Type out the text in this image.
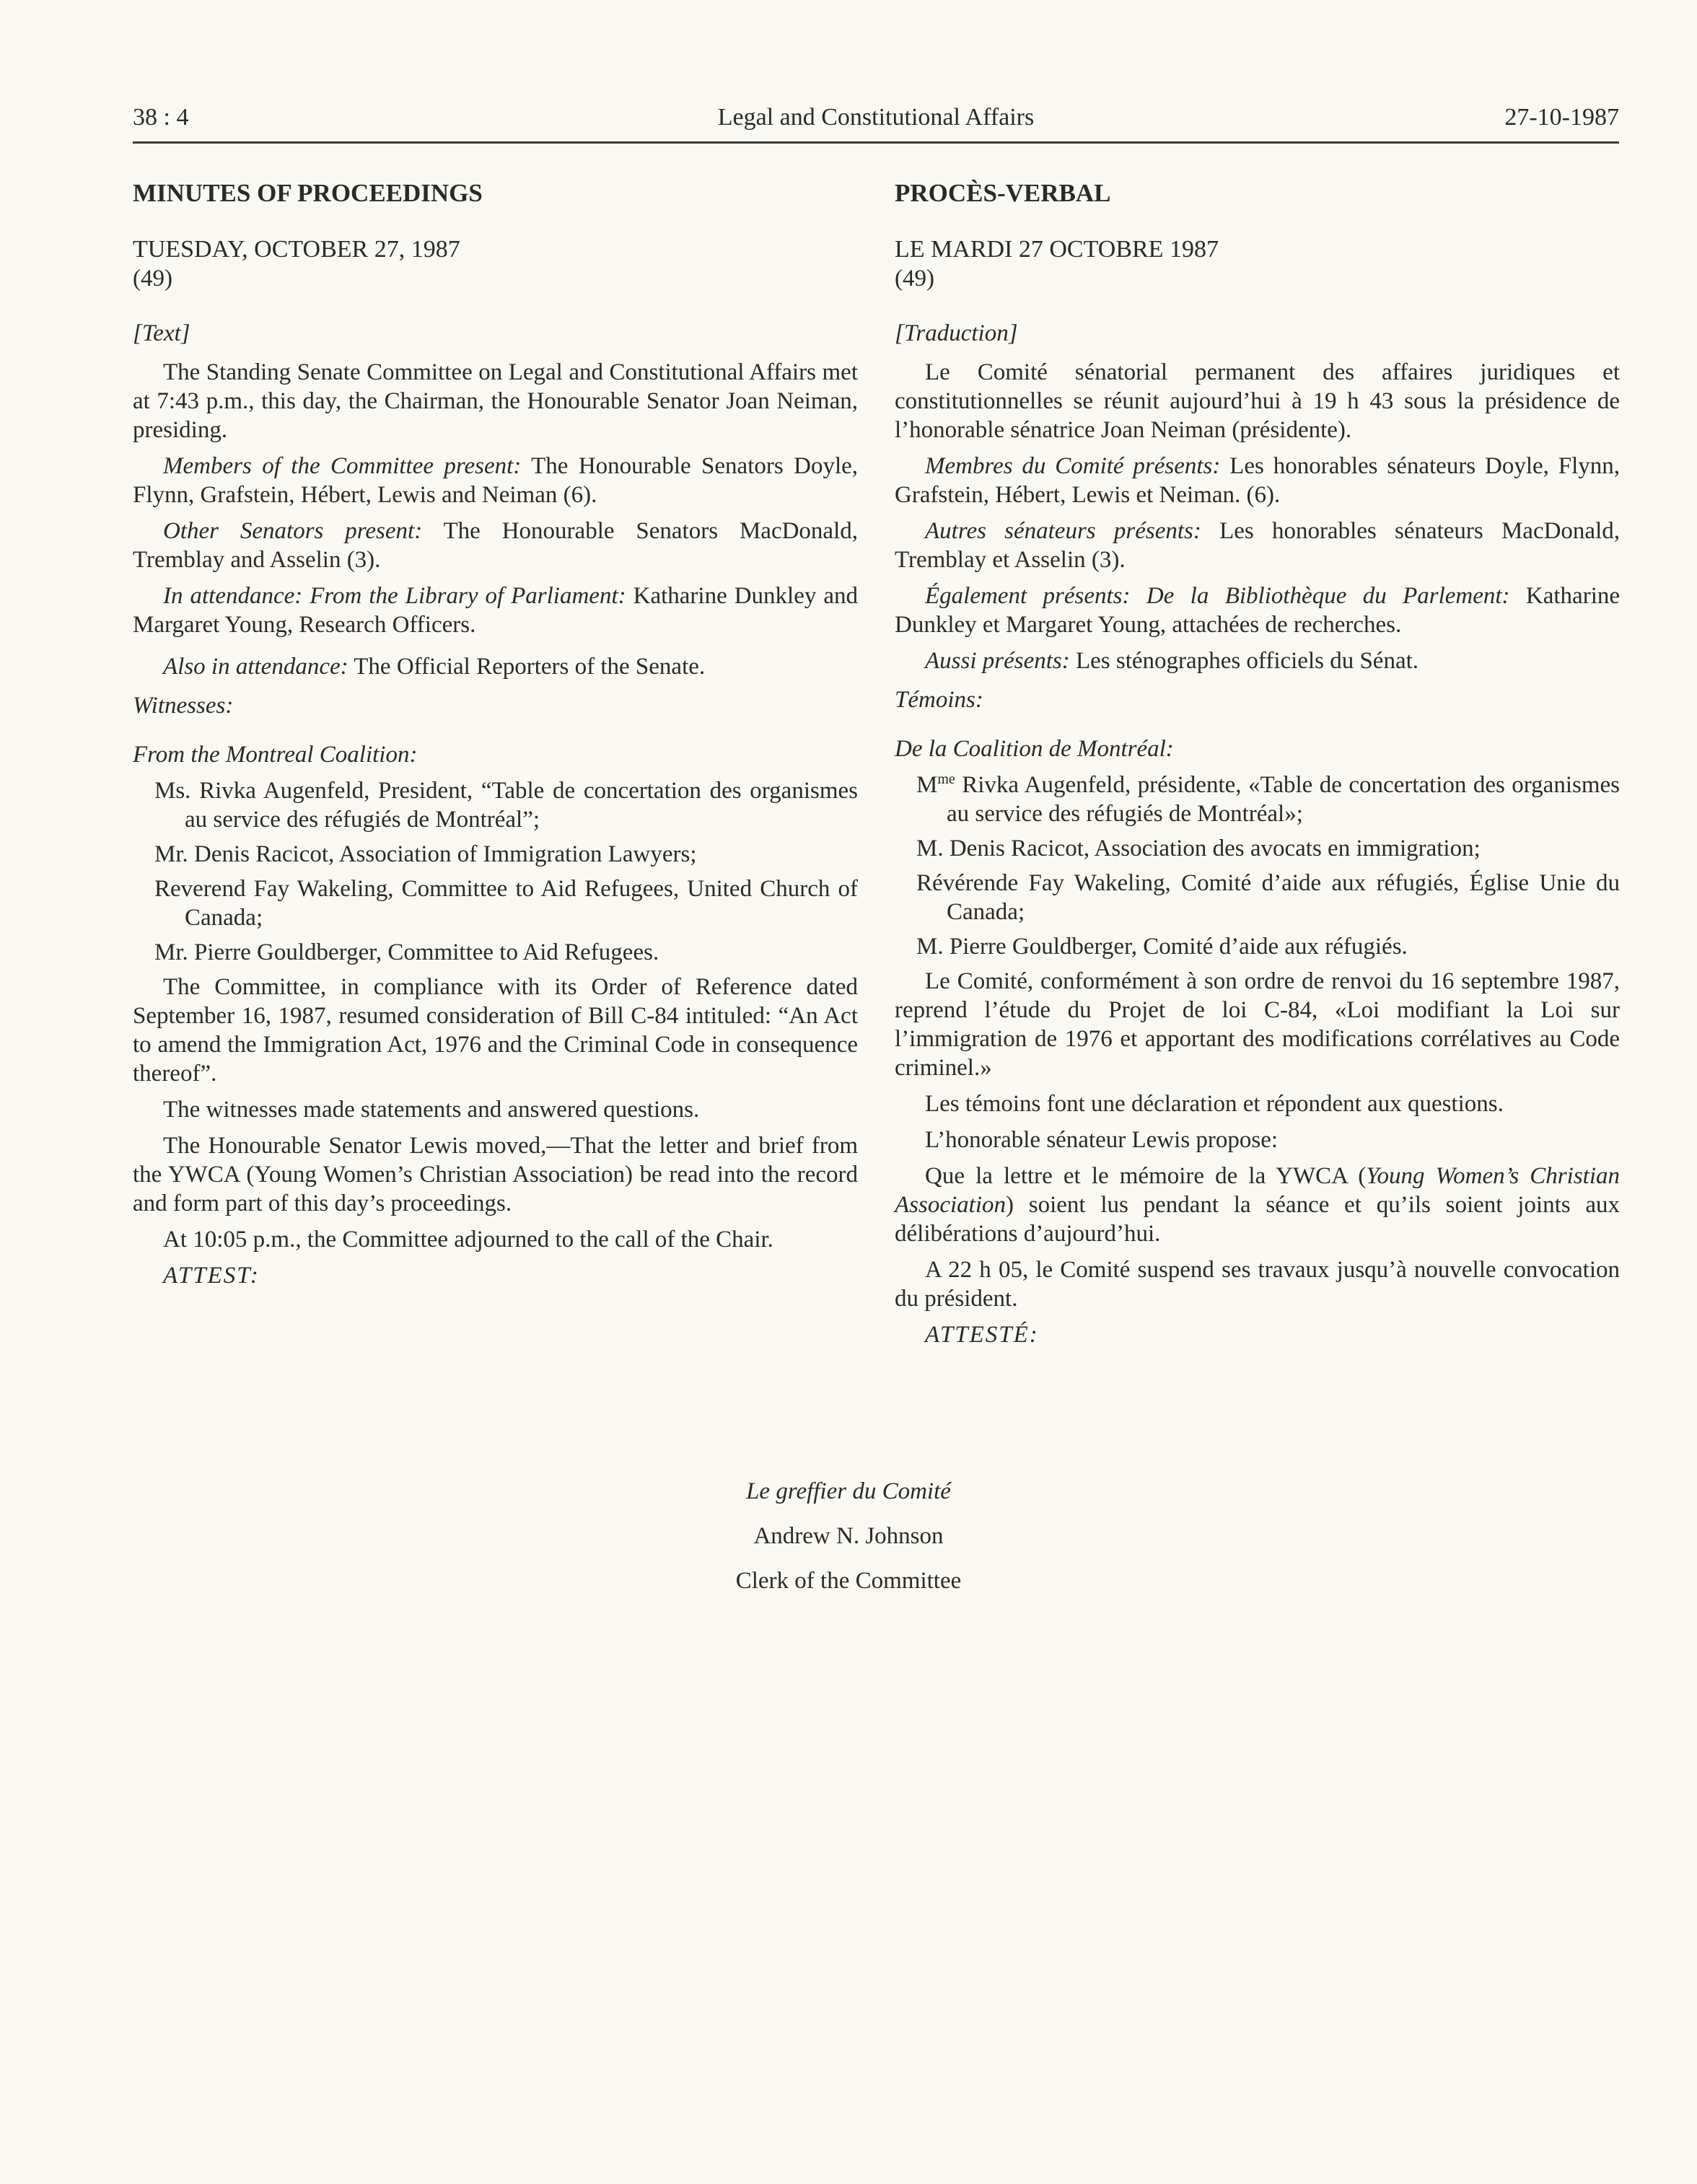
38 : 4	Legal and Constitutional Affairs	27-10-1987
MINUTES OF PROCEEDINGS
TUESDAY, OCTOBER 27, 1987
(49)
[Text]

The Standing Senate Committee on Legal and Constitutional Affairs met at 7:43 p.m., this day, the Chairman, the Honourable Senator Joan Neiman, presiding.

Members of the Committee present: The Honourable Senators Doyle, Flynn, Grafstein, Hébert, Lewis and Neiman (6).

Other Senators present: The Honourable Senators MacDonald, Tremblay and Asselin (3).

In attendance: From the Library of Parliament: Katharine Dunkley and Margaret Young, Research Officers.

Also in attendance: The Official Reporters of the Senate.

Witnesses:
From the Montreal Coalition:

Ms. Rivka Augenfeld, President, “Table de concertation des organismes au service des réfugiés de Montréal”;

Mr. Denis Racicot, Association of Immigration Lawyers;

Reverend Fay Wakeling, Committee to Aid Refugees, United Church of Canada;

Mr. Pierre Gouldberger, Committee to Aid Refugees.

The Committee, in compliance with its Order of Reference dated September 16, 1987, resumed consideration of Bill C-84 intituled: “An Act to amend the Immigration Act, 1976 and the Criminal Code in consequence thereof”.

The witnesses made statements and answered questions.

The Honourable Senator Lewis moved,—That the letter and brief from the YWCA (Young Women’s Christian Association) be read into the record and form part of this day’s proceedings.

At 10:05 p.m., the Committee adjourned to the call of the Chair.

ATTEST:
PROCÈS-VERBAL
LE MARDI 27 OCTOBRE 1987
(49)
[Traduction]

Le Comité sénatorial permanent des affaires juridiques et constitutionnelles se réunit aujourd’hui à 19 h 43 sous la présidence de l’honorable sénatrice Joan Neiman (présidente).

Membres du Comité présents: Les honorables sénateurs Doyle, Flynn, Grafstein, Hébert, Lewis et Neiman. (6).

Autres sénateurs présents: Les honorables sénateurs MacDonald, Tremblay et Asselin (3).

Également présents: De la Bibliothèque du Parlement: Katharine Dunkley et Margaret Young, attachées de recherches.

Aussi présents: Les sténographes officiels du Sénat.

Témoins:
De la Coalition de Montréal:

$M^{me}$ Rivka Augenfeld, présidente, «Table de concertation des organismes au service des réfugiés de Montréal»;

M. Denis Racicot, Association des avocats en immigration;

Révérende Fay Wakeling, Comité d’aide aux réfugiés, Église Unie du Canada;

M. Pierre Gouldberger, Comité d’aide aux réfugiés.

Le Comité, conformément à son ordre de renvoi du 16 septembre 1987, reprend l’étude du Projet de loi C-84, «Loi modifiant la Loi sur l’immigration de 1976 et apportant des modifications corrélatives au Code criminel.»

Les témoins font une déclaration et répondent aux questions.

L’honorable sénateur Lewis propose:

Que la lettre et le mémoire de la YWCA (Young Women’s Christian Association) soient lus pendant la séance et qu’ils soient joints aux délibérations d’aujourd’hui.

A 22 h 05, le Comité suspend ses travaux jusqu’à nouvelle convocation du président.

ATTESTÉ:
Le greffier du Comité
Andrew N. Johnson
Clerk of the Committee
